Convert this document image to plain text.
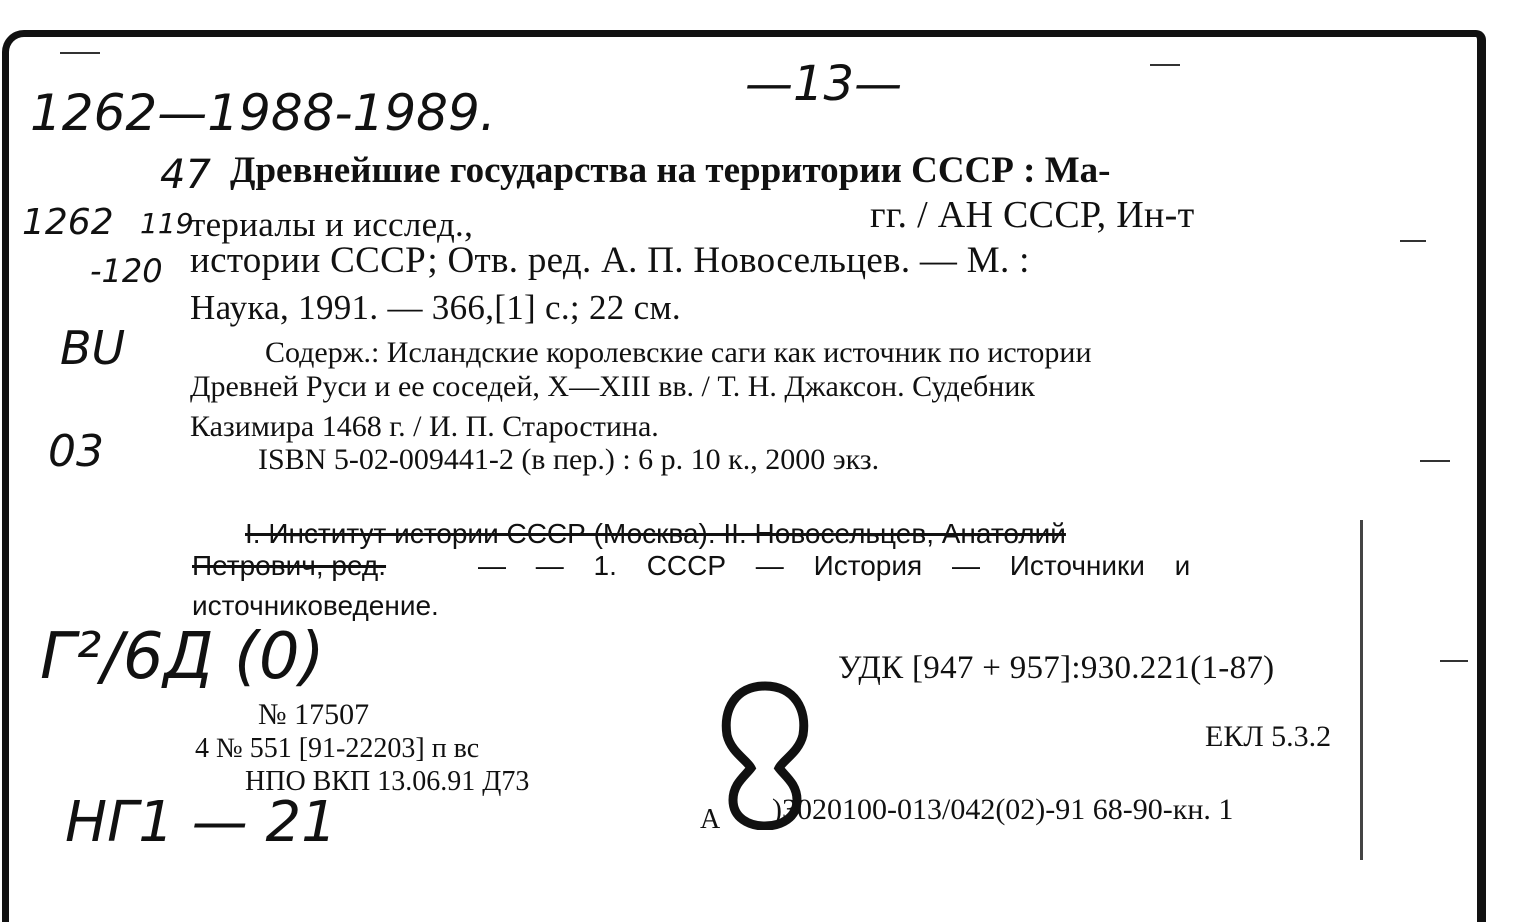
1262—1988-1989.	—13—
47
1262 119
-120
ВU
03
Г²/6Д (0)
НГ1 — 21
Древнейшие государства на территории СССР : Ма-
териалы и исслед.,	гг. / АН СССР, Ин-т
истории СССР; Отв. ред. А. П. Новосельцев. — М. :
Наука, 1991. — 366,[1] с.; 22 см.
Содерж.: Исландские королевские саги как источник по истории
Древней Руси и ее соседей, X—XIII вв. / Т. Н. Джаксон. Судебник
Казимира 1468 г. / И. П. Старостина.
ISBN 5-02-009441-2 (в пер.) : 6 р. 10 к., 2000 экз.
I. Институт истории СССР (Москва). II. Новосельцев, Анатолий
Петрович, ред.	— — 1. СССР — История — Источники и
источниковедение.
УДК [947 + 957]:930.221(1-87)
ЕКЛ 5.3.2
№ 17507
4 № 551 [91-22203] п вс
НПО ВКП 13.06.91 Д73
А )3020100-013/042(02)-91 68-90-кн. 1
